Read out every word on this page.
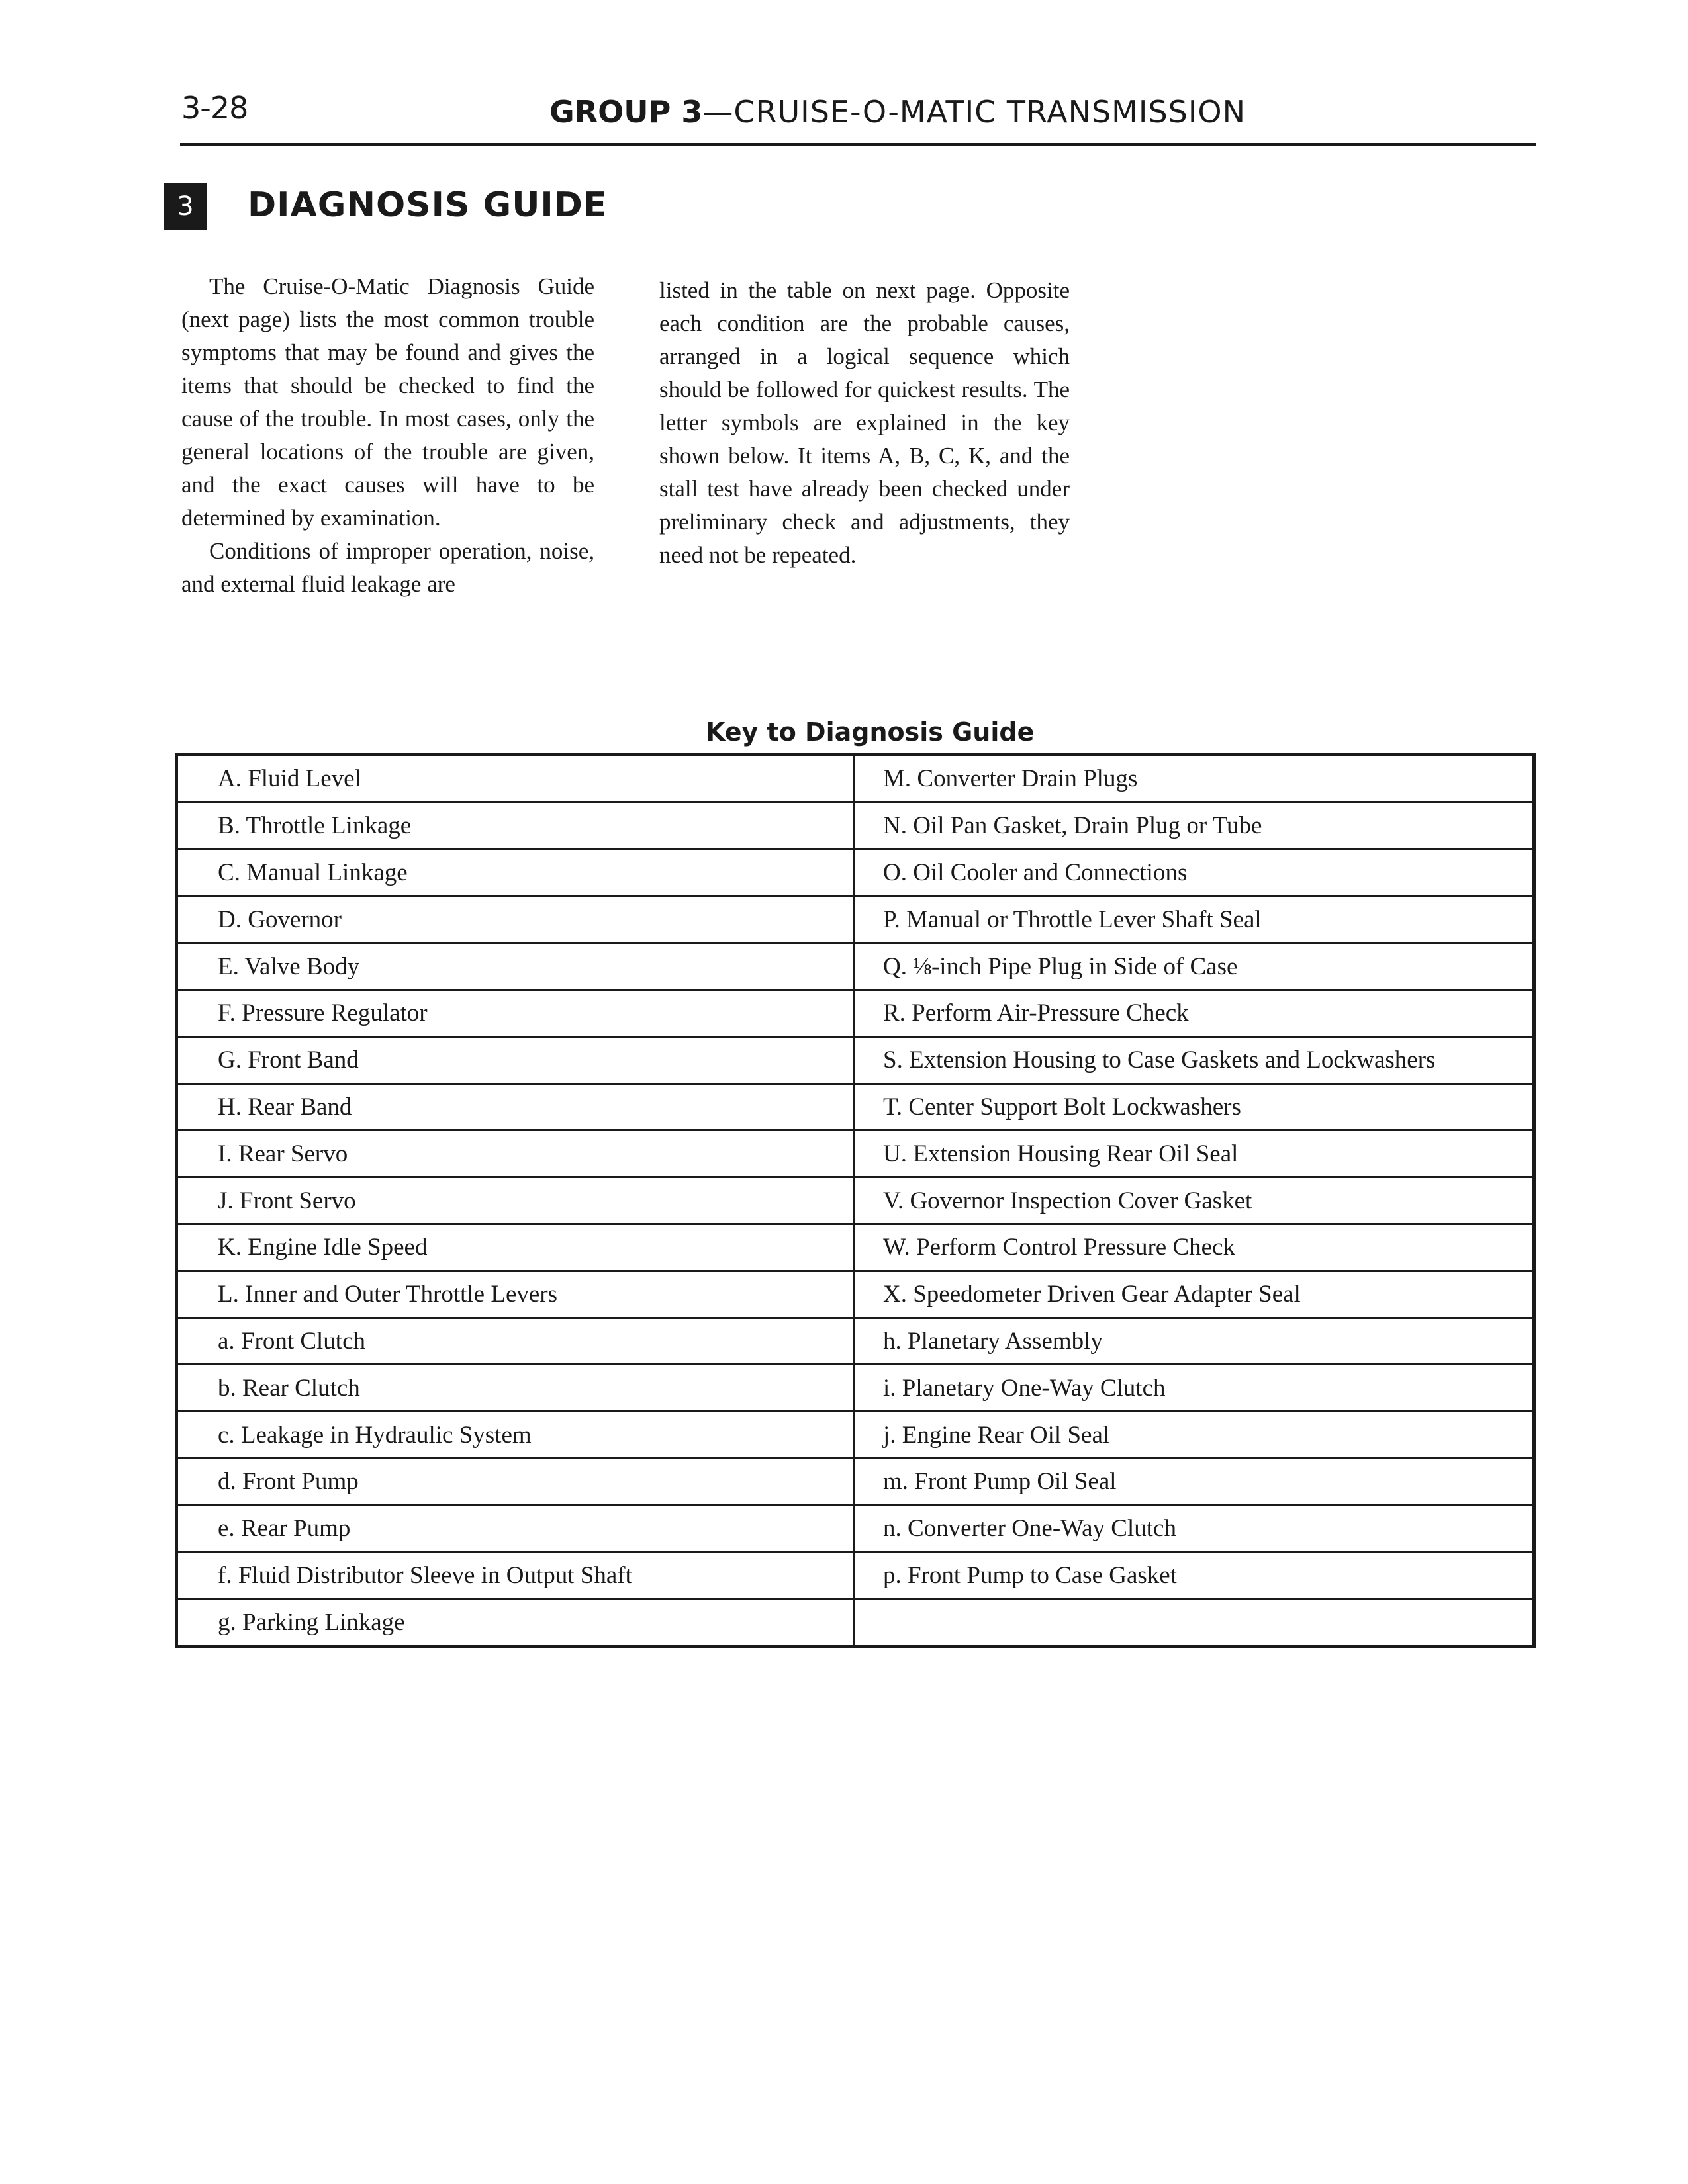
3-28	GROUP 3—CRUISE-O-MATIC TRANSMISSION
3	DIAGNOSIS GUIDE

The Cruise-O-Matic Diagnosis Guide (next page) lists the most common trouble symptoms that may be found and gives the items that should be checked to find the cause of the trouble. In most cases, only the general locations of the trouble are given, and the exact causes will have to be determined by examination.

Conditions of improper operation, noise, and external fluid leakage are

listed in the table on next page. Opposite each condition are the probable causes, arranged in a logical sequence which should be followed for quickest results. The letter symbols are explained in the key shown below. It items A, B, C, K, and the stall test have already been checked under preliminary check and adjustments, they need not be repeated.

Key to Diagnosis Guide
A. Fluid Level
B. Throttle Linkage
C. Manual Linkage
D. Governor
E. Valve Body
F. Pressure Regulator
G. Front Band
H. Rear Band
I. Rear Servo
J. Front Servo
K. Engine Idle Speed
L. Inner and Outer Throttle Levers
a. Front Clutch
b. Rear Clutch
c. Leakage in Hydraulic System
d. Front Pump
e. Rear Pump
f. Fluid Distributor Sleeve in Output Shaft
g. Parking Linkage
M. Converter Drain Plugs
N. Oil Pan Gasket, Drain Plug or Tube
O. Oil Cooler and Connections
P. Manual or Throttle Lever Shaft Seal
Q. ⅛-inch Pipe Plug in Side of Case
R. Perform Air-Pressure Check
S. Extension Housing to Case Gaskets and Lockwashers
T. Center Support Bolt Lockwashers
U. Extension Housing Rear Oil Seal
V. Governor Inspection Cover Gasket
W. Perform Control Pressure Check
X. Speedometer Driven Gear Adapter Seal
h. Planetary Assembly
i. Planetary One-Way Clutch
j. Engine Rear Oil Seal
m. Front Pump Oil Seal
n. Converter One-Way Clutch
p. Front Pump to Case Gasket
